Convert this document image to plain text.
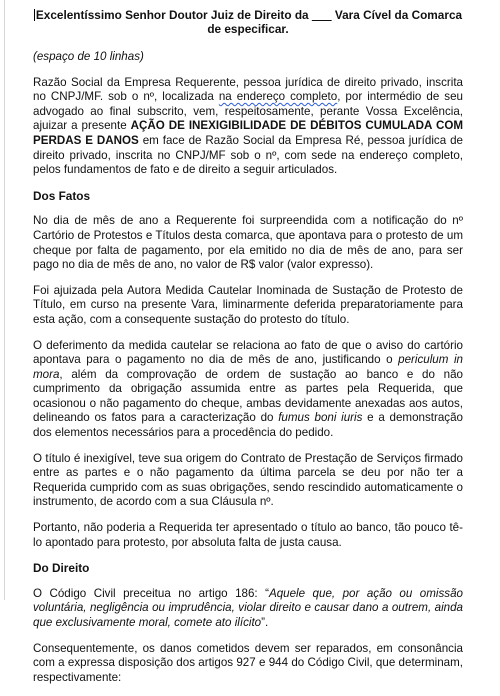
Excelentíssimo Senhor Doutor Juiz de Direito da ___ Vara Cível da Comarca
de especificar.
(espaço de 10 linhas)

Razão Social da Empresa Requerente, pessoa jurídica de direito privado, inscrita no CNPJ/MF. sob o nº, localizada na endereço completo, por intermédio de seu advogado ao final subscrito, vem, respeitosamente, perante Vossa Excelência, ajuizar a presente AÇÃO DE INEXIGIBILIDADE DE DÉBITOS CUMULADA COM PERDAS E DANOS em face de Razão Social da Empresa Ré, pessoa jurídica de direito privado, inscrita no CNPJ/MF sob o nº, com sede na endereço completo, pelos fundamentos de fato e de direito a seguir articulados.

Dos Fatos

No dia de mês de ano a Requerente foi surpreendida com a notificação do nº Cartório de Protestos e Títulos desta comarca, que apontava para o protesto de um cheque por falta de pagamento, por ela emitido no dia de mês de ano, para ser pago no dia de mês de ano, no valor de R$ valor (valor expresso).

Foi ajuizada pela Autora Medida Cautelar Inominada de Sustação de Protesto de Título, em curso na presente Vara, liminarmente deferida preparatoriamente para esta ação, com a consequente sustação do protesto do título.

O deferimento da medida cautelar se relaciona ao fato de que o aviso do cartório apontava para o pagamento no dia de mês de ano, justificando o periculum in mora, além da comprovação de ordem de sustação ao banco e do não cumprimento da obrigação assumida entre as partes pela Requerida, que ocasionou o não pagamento do cheque, ambas devidamente anexadas aos autos, delineando os fatos para a caracterização do fumus boni iuris e a demonstração dos elementos necessários para a procedência do pedido.

O título é inexigível, teve sua origem do Contrato de Prestação de Serviços firmado entre as partes e o não pagamento da última parcela se deu por não ter a Requerida cumprido com as suas obrigações, sendo rescindido automaticamente o instrumento, de acordo com a sua Cláusula nº.

Portanto, não poderia a Requerida ter apresentado o título ao banco, tão pouco tê-lo apontado para protesto, por absoluta falta de justa causa.

Do Direito

O Código Civil preceitua no artigo 186: “Aquele que, por ação ou omissão voluntária, negligência ou imprudência, violar direito e causar dano a outrem, ainda que exclusivamente moral, comete ato ilícito”.

Consequentemente, os danos cometidos devem ser reparados, em consonância com a expressa disposição dos artigos 927 e 944 do Código Civil, que determinam, respectivamente:
